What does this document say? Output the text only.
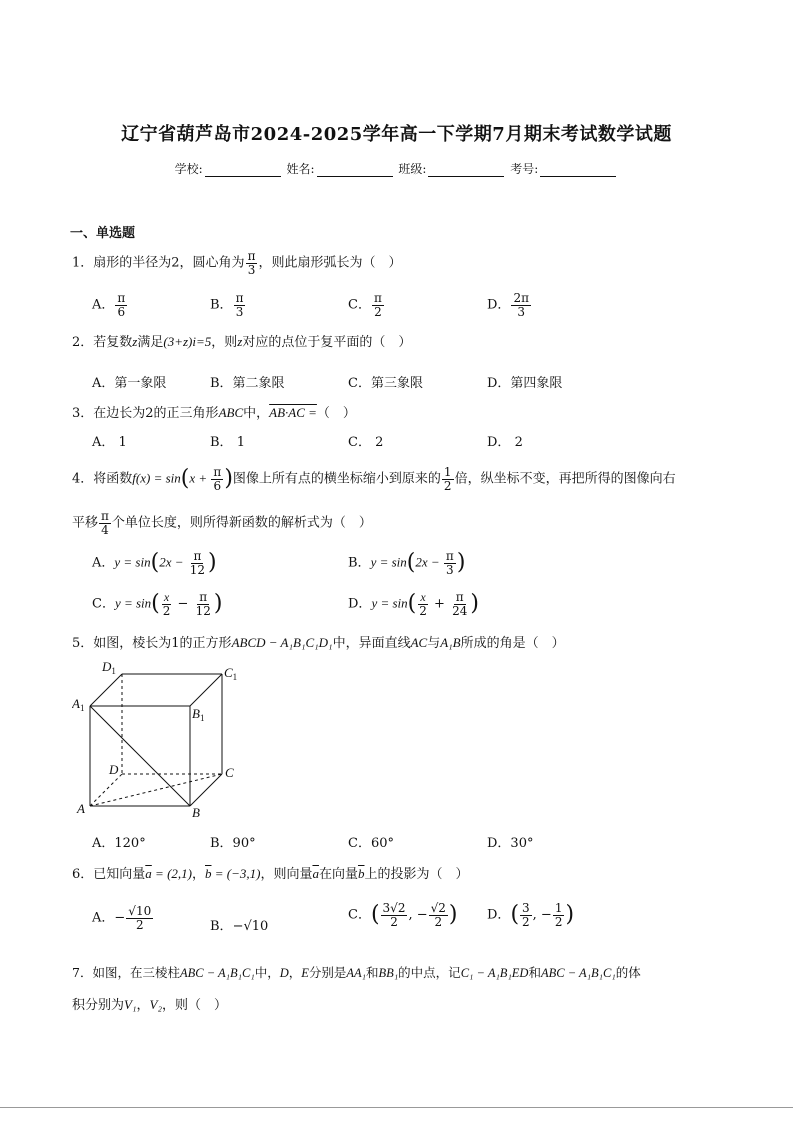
辽宁省葫芦岛市2024-2025学年高一下学期7月期末考试数学试题
学校:	姓名:	班级:	考号:
一、单选题
1．扇形的半径为2，圆心角为 $\frac{\pi}{3}$ ，则此扇形弧长为（　）
A． $\frac{\pi}{6}$	B． $\frac{\pi}{3}$	C． $\frac{\pi}{2}$	D． $\frac{2\pi}{3}$
2．若复数z满足(3+z)i=5，则z对应的点位于复平面的（　）
A．第一象限	B．第二象限	C．第三象限	D．第四象限
3．在边长为2的正三角形ABC中，AB·AC =（　）
A． 1	B． 1	C． 2	D． 2
4．将函数$f(x) = \sin(x + \frac{\pi}{6}$ )图像上所有点的横坐标缩小到原来的 $\frac{1}{2}$ 倍，纵坐标不变，再把所得的图像向右
平移 $\frac{\pi}{4}$ 个单位长度，则所得新函数的解析式为（　）
A．$y = \sin(2x - \frac{\pi}{12}$ )	B．$y = \sin(2x - \frac{\pi}{3}$ )
C．$y = \sin( \frac{x}{2} - \frac{\pi}{12}$ )	D．$y = \sin( \frac{x}{2} + \frac{\pi}{24}$ )
5．如图，棱长为1的正方形ABCD − A₁B₁C₁D₁中，异面直线AC与A₁B所成的角是（　）
$D_1$	$C_1$
$A_1$	$B_1$
D	C
A	B
A．120°	B．90°	C．60°	D．30°
6．已知向量$\overline{a} = (2,1)$，$\overline{b} = (-3,1)$，则向量$\overline{a}$在向量$\overline{b}$上的投影为（　）
A．− $\frac{√10}{2}$	B．−√10
C．( $\frac{3√2}{2}$ , − $\frac{√2}{2}$ ) D．( $\frac{3}{2}$ , − $\frac{1}{2}$ )
7．如图，在三棱柱ABC − A₁B₁C₁中，D，E分别是AA₁和BB₁的中点，记C₁ − A₁B₁ED和ABC − A₁B₁C₁的体
积分别为V₁，V₂，则（　）
